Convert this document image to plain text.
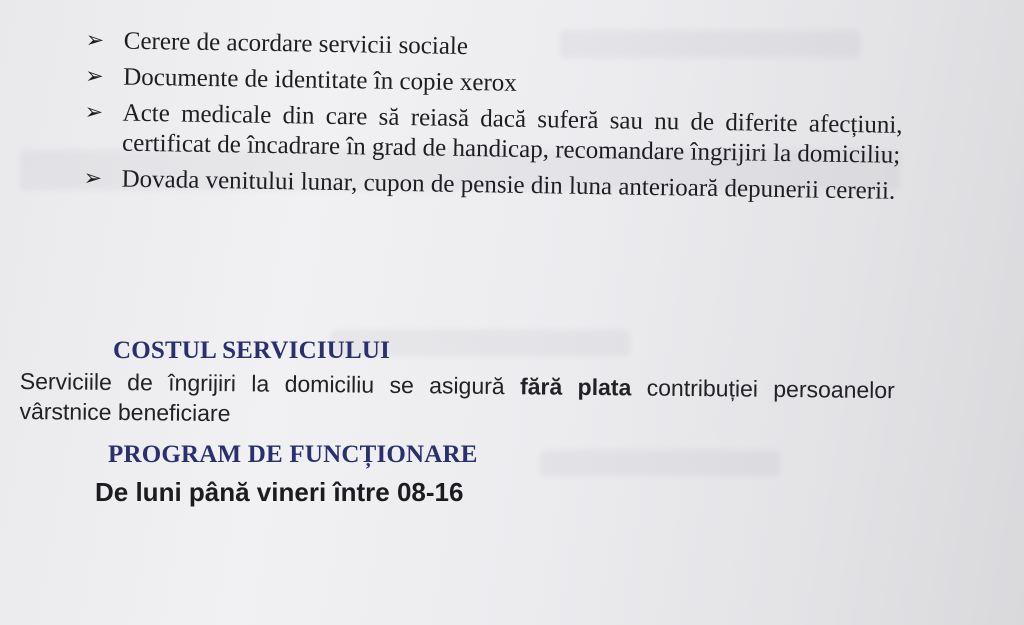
➢ Cerere de acordare servicii sociale
➢ Documente de identitate în copie xerox
➢ Acte medicale din care să reiasă dacă suferă sau nu de diferite afecțiuni, certificat de încadrare în grad de handicap, recomandare îngrijiri la domiciliu;
➢ Dovada venitului lunar, cupon de pensie din luna anterioară depunerii cererii.
COSTUL SERVICIULUI
Serviciile de îngrijiri la domiciliu se asigură fără plata contribuției persoanelor vârstnice beneficiare
PROGRAM DE FUNCȚIONARE
De luni până vineri între 08-16
